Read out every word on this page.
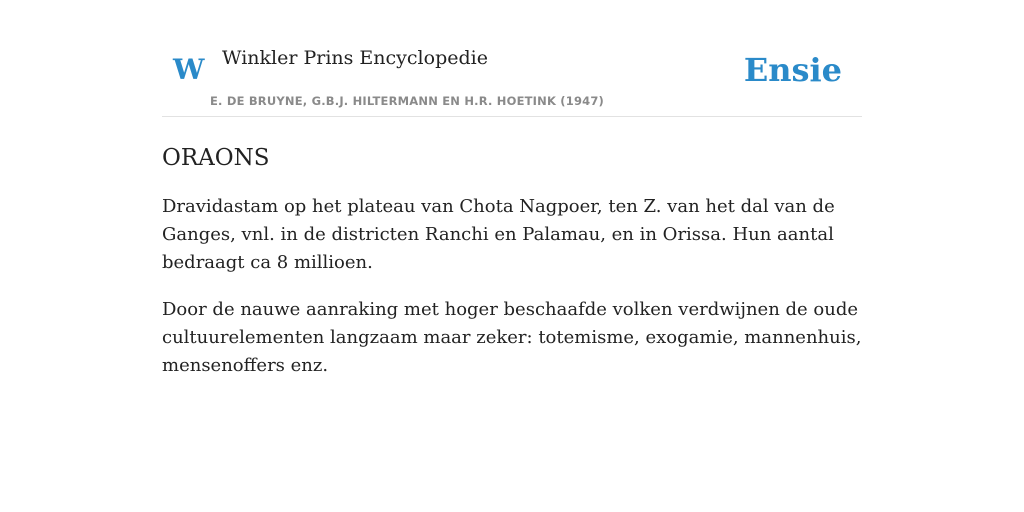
W Winkler Prins Encyclopedie
E. DE BRUYNE, G.B.J. HILTERMANN EN H.R. HOETINK (1947)
Ensie
ORAONS

Dravidastam op het plateau van Chota Nagpoer, ten Z. van het dal van de Ganges, vnl. in de districten Ranchi en Palamau, en in Orissa. Hun aantal bedraagt ca 8 millioen.

Door de nauwe aanraking met hoger beschaafde volken verdwijnen de oude cultuurelementen langzaam maar zeker: totemisme, exogamie, mannenhuis, mensenoffers enz.
